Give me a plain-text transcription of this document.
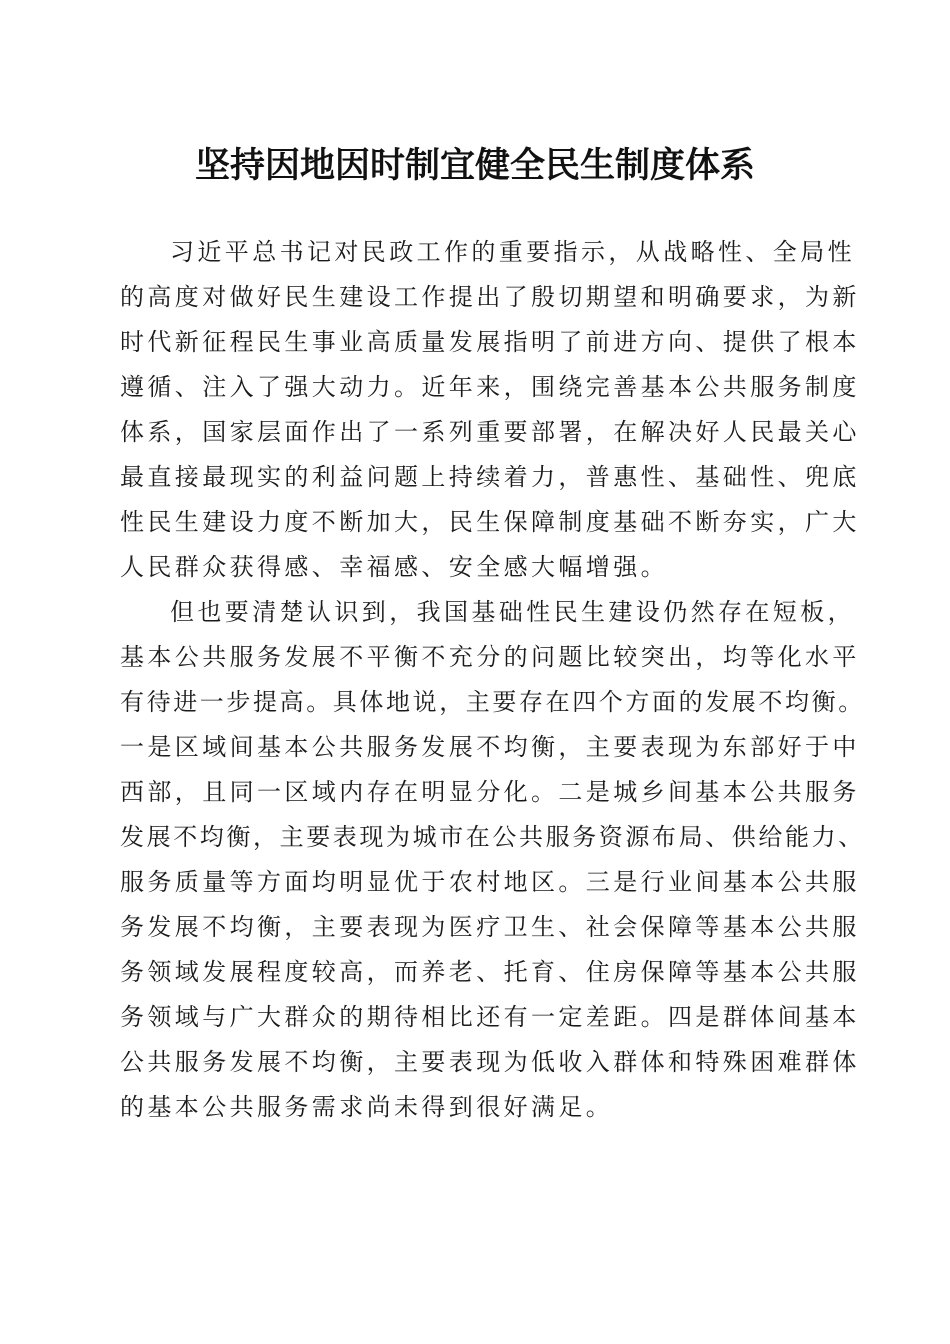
坚持因地因时制宜健全民生制度体系

习近平总书记对民政工作的重要指示，从战略性、全局性

的高度对做好民生建设工作提出了殷切期望和明确要求，为新

时代新征程民生事业高质量发展指明了前进方向、提供了根本

遵循、注入了强大动力。近年来，围绕完善基本公共服务制度

体系，国家层面作出了一系列重要部署，在解决好人民最关心

最直接最现实的利益问题上持续着力，普惠性、基础性、兜底

性民生建设力度不断加大，民生保障制度基础不断夯实，广大

人民群众获得感、幸福感、安全感大幅增强。

但也要清楚认识到，我国基础性民生建设仍然存在短板，

基本公共服务发展不平衡不充分的问题比较突出，均等化水平

有待进一步提高。具体地说，主要存在四个方面的发展不均衡。

一是区域间基本公共服务发展不均衡，主要表现为东部好于中

西部，且同一区域内存在明显分化。二是城乡间基本公共服务

发展不均衡，主要表现为城市在公共服务资源布局、供给能力、

服务质量等方面均明显优于农村地区。三是行业间基本公共服

务发展不均衡，主要表现为医疗卫生、社会保障等基本公共服

务领域发展程度较高，而养老、托育、住房保障等基本公共服

务领域与广大群众的期待相比还有一定差距。四是群体间基本

公共服务发展不均衡，主要表现为低收入群体和特殊困难群体

的基本公共服务需求尚未得到很好满足。
